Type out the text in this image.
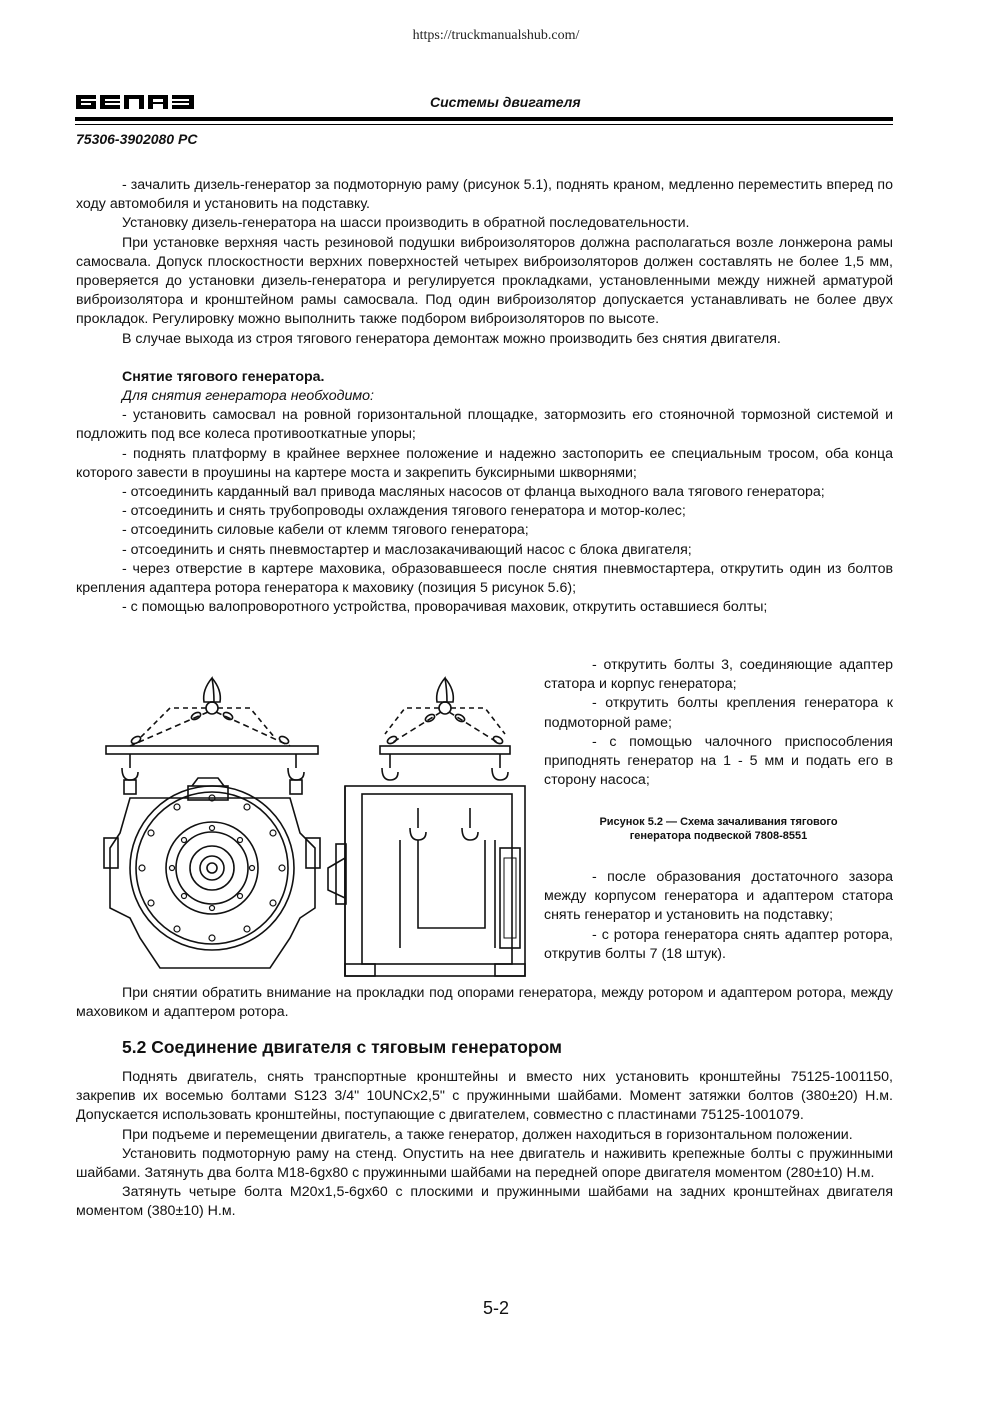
https://truckmanualshub.com/
Системы двигателя
75306-3902080 РС

- зачалить дизель-генератор за подмоторную раму (рисунок 5.1), поднять краном, медленно переместить вперед по ходу автомобиля и установить на подставку.

Установку дизель-генератора на шасси производить в обратной последовательности.

При установке верхняя часть резиновой подушки виброизоляторов должна располагаться возле лонжерона рамы самосвала. Допуск плоскостности верхних поверхностей четырех виброизоляторов должен составлять не более 1,5 мм, проверяется до установки дизель-генератора и регулируется прокладками, установленными между нижней арматурой виброизолятора и кронштейном рамы самосвала. Под один виброизолятор допускается устанавливать не более двух прокладок. Регулировку можно выполнить также подбором виброизоляторов по высоте.

В случае выхода из строя тягового генератора демонтаж можно производить без снятия двигателя.

Снятие тягового генератора.

Для снятия генератора необходимо:

- установить самосвал на ровной горизонтальной площадке, затормозить его стояночной тормозной системой и подложить под все колеса противооткатные упоры;

- поднять платформу в крайнее верхнее положение и надежно застопорить ее специальным тросом, оба конца которого завести в проушины на картере моста и закрепить буксирными шкворнями;

- отсоединить карданный вал привода масляных насосов от фланца выходного вала тягового генератора;

- отсоединить и снять трубопроводы охлаждения тягового генератора и мотор-колес;

- отсоединить силовые кабели от клемм тягового генератора;

- отсоединить и снять пневмостартер и маслозакачивающий насос с блока двигателя;

- через отверстие в картере маховика, образовавшееся после снятия пневмостартера, открутить один из болтов крепления адаптера ротора генератора к маховику (позиция 5 рисунок 5.6);

- с помощью валопроворотного устройства, проворачивая маховик, открутить оставшиеся болты;

- открутить болты 3, соединяющие адаптер статора и корпус генератора;

- открутить болты крепления генератора к подмоторной раме;

- с помощью чалочного приспособления приподнять генератор на 1 - 5 мм и подать его в сторону насоса;

Рисунок 5.2 — Схема зачаливания тягового
генератора подвеской 7808-8551

- после образования достаточного зазора между корпусом генератора и адаптером статора снять генератор и установить на подставку;

- с ротора генератора снять адаптер ротора, открутив болты 7 (18 штук).

При снятии обратить внимание на прокладки под опорами генератора, между ротором и адаптером ротора, между маховиком и адаптером ротора.

5.2 Соединение двигателя с тяговым генератором

Поднять двигатель, снять транспортные кронштейны и вместо них установить кронштейны 75125-1001150, закрепив их восемью болтами S123 3/4" 10UNCx2,5" с пружинными шайбами. Момент затяжки болтов (380±20) Н.м. Допускается использовать кронштейны, поступающие с двигателем, совместно с пластинами 75125-1001079.

При подъеме и перемещении двигатель, а также генератор, должен находиться в горизонтальном положении.

Установить подмоторную раму на стенд. Опустить на нее двигатель и наживить крепежные болты с пружинными шайбами. Затянуть два болта М18-6gx80 с пружинными шайбами на передней опоре двигателя моментом (280±10) Н.м.

Затянуть четыре болта М20x1,5-6gx60 с плоскими и пружинными шайбами на задних кронштейнах двигателя моментом (380±10) Н.м.

5-2
